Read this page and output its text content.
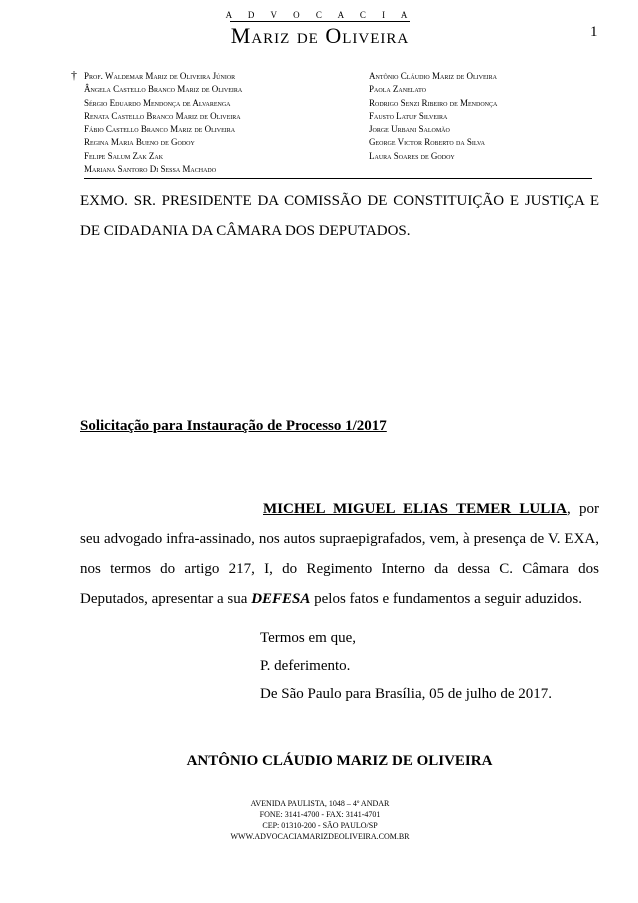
1
A D V O C A C I A
Mariz de Oliveira
† Prof. Waldemar Mariz de Oliveira Júnior
Ângela Castello Branco Mariz de Oliveira
Sérgio Eduardo Mendonça de Alvarenga
Renata Castello Branco Mariz de Oliveira
Fábio Castello Branco Mariz de Oliveira
Regina Maria Bueno de Godoy
Felipe Salum Zak Zak
Mariana Santoro Di Sessa Machado
Antônio Cláudio Mariz de Oliveira
Paola Zanelato
Rodrigo Senzi Ribeiro de Mendonça
Fausto Latuf Silveira
Jorge Urbani Salomão
George Victor Roberto da Silva
Laura Soares de Godoy
EXMO. SR. PRESIDENTE DA COMISSÃO DE CONSTITUIÇÃO E JUSTIÇA E
DE CIDADANIA DA CÂMARA DOS DEPUTADOS.
Solicitação para Instauração de Processo 1/2017
MICHEL MIGUEL ELIAS TEMER LULIA, por seu advogado infra-assinado, nos autos supraepigrafados, vem, à presença de V. EXA, nos termos do artigo 217, I, do Regimento Interno da dessa C. Câmara dos Deputados, apresentar a sua DEFESA pelos fatos e fundamentos a seguir aduzidos.
Termos em que,
P. deferimento.
De São Paulo para Brasília, 05 de julho de 2017.
ANTÔNIO CLÁUDIO MARIZ DE OLIVEIRA
AVENIDA PAULISTA, 1048 – 4º ANDAR
FONE: 3141-4700 - FAX: 3141-4701
CEP: 01310-200 - SÃO PAULO/SP
WWW.ADVOCACIAMARIZDEOLIVEIRA.COM.BR
